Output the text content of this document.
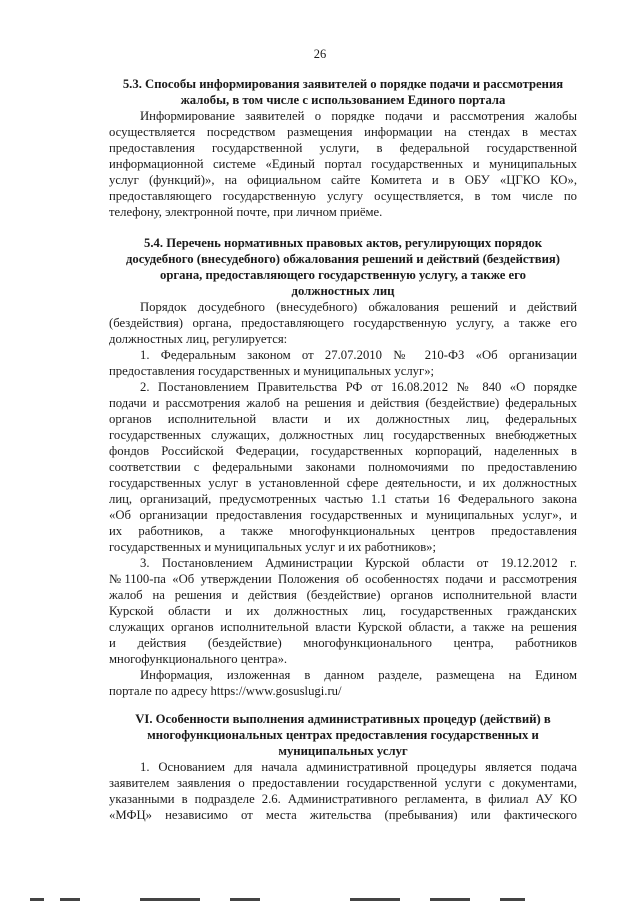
26
5.3. Способы информирования заявителей о порядке подачи и рассмотрения
жалобы, в том числе с использованием Единого портала
Информирование заявителей о порядке подачи и рассмотрения жалобы
осуществляется посредством размещения информации на стендах в местах
предоставления государственной услуги, в федеральной государственной
информационной системе «Единый портал государственных и муниципальных
услуг (функций)», на официальном сайте Комитета и в ОБУ «ЦГКО КО»,
предоставляющего государственную услугу осуществляется, в том числе по
телефону, электронной почте, при личном приёме.
5.4. Перечень нормативных правовых актов, регулирующих порядок
досудебного (внесудебного) обжалования решений и действий (бездействия)
органа, предоставляющего государственную услугу, а также его
должностных лиц
Порядок досудебного (внесудебного) обжалования решений и действий
(бездействия) органа, предоставляющего государственную услугу, а также его
должностных лиц, регулируется:
1. Федеральным законом от 27.07.2010 № 210-ФЗ «Об организации
предоставления государственных и муниципальных услуг»;
2. Постановлением Правительства РФ от 16.08.2012 № 840 «О порядке
подачи и рассмотрения жалоб на решения и действия (бездействие) федеральных
органов исполнительной власти и их должностных лиц, федеральных
государственных служащих, должностных лиц государственных внебюджетных
фондов Российской Федерации, государственных корпораций, наделенных в
соответствии с федеральными законами полномочиями по предоставлению
государственных услуг в установленной сфере деятельности, и их должностных
лиц, организаций, предусмотренных частью 1.1 статьи 16 Федерального закона
«Об организации предоставления государственных и муниципальных услуг», и
их работников, а также многофункциональных центров предоставления
государственных и муниципальных услуг и их работников»;
3. Постановлением Администрации Курской области от 19.12.2012 г.
№1100-па «Об утверждении Положения об особенностях подачи и рассмотрения
жалоб на решения и действия (бездействие) органов исполнительной власти
Курской области и их должностных лиц, государственных гражданских
служащих органов исполнительной власти Курской области, а также на решения
и действия (бездействие) многофункционального центра, работников
многофункционального центра».
Информация, изложенная в данном разделе, размещена на Едином
портале по адресу https://www.gosuslugi.ru/
VI. Особенности выполнения административных процедур (действий) в
многофункциональных центрах предоставления государственных и
муниципальных услуг
1. Основанием для начала административной процедуры является подача
заявителем заявления о предоставлении государственной услуги с документами,
указанными в подразделе 2.6. Административного регламента, в филиал АУ КО
«МФЦ» независимо от места жительства (пребывания) или фактического
